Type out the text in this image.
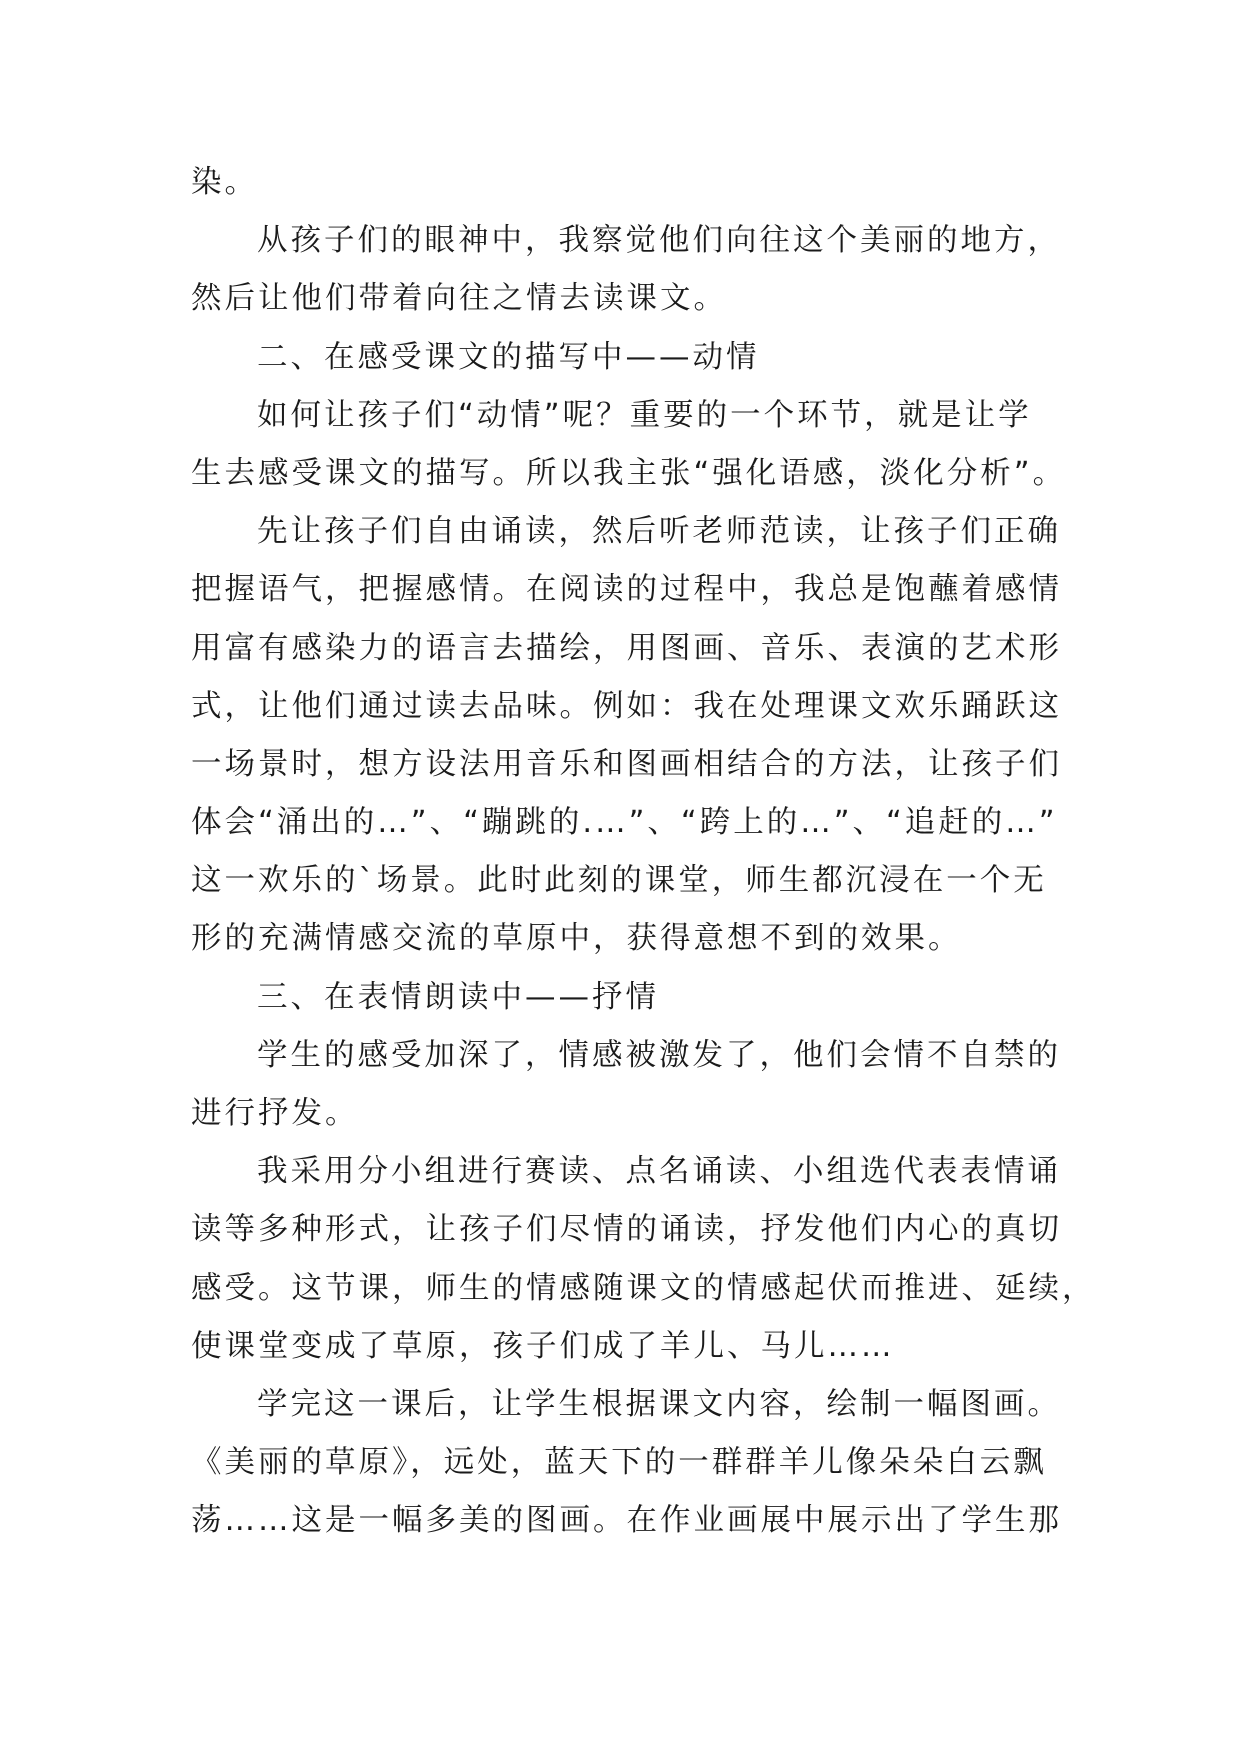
染。
从孩子们的眼神中，我察觉他们向往这个美丽的地方，
然后让他们带着向往之情去读课文。
二、在感受课文的描写中——动情
如何让孩子们“动情”呢？重要的一个环节，就是让学
生去感受课文的描写。所以我主张“强化语感，淡化分析”。
先让孩子们自由诵读，然后听老师范读，让孩子们正确
把握语气，把握感情。在阅读的过程中，我总是饱蘸着感情
用富有感染力的语言去描绘，用图画、音乐、表演的艺术形
式，让他们通过读去品味。例如：我在处理课文欢乐踊跃这
一场景时，想方设法用音乐和图画相结合的方法，让孩子们
体会“涌出的…”、“蹦跳的.…”、“跨上的…”、“追赶的…”
这一欢乐的`场景。此时此刻的课堂，师生都沉浸在一个无
形的充满情感交流的草原中，获得意想不到的效果。
三、在表情朗读中——抒情
学生的感受加深了，情感被激发了，他们会情不自禁的
进行抒发。
我采用分小组进行赛读、点名诵读、小组选代表表情诵
读等多种形式，让孩子们尽情的诵读，抒发他们内心的真切
感受。这节课，师生的情感随课文的情感起伏而推进、延续，
使课堂变成了草原，孩子们成了羊儿、马儿……
学完这一课后，让学生根据课文内容，绘制一幅图画。
《美丽的草原》，远处，蓝天下的一群群羊儿像朵朵白云飘
荡……这是一幅多美的图画。在作业画展中展示出了学生那
